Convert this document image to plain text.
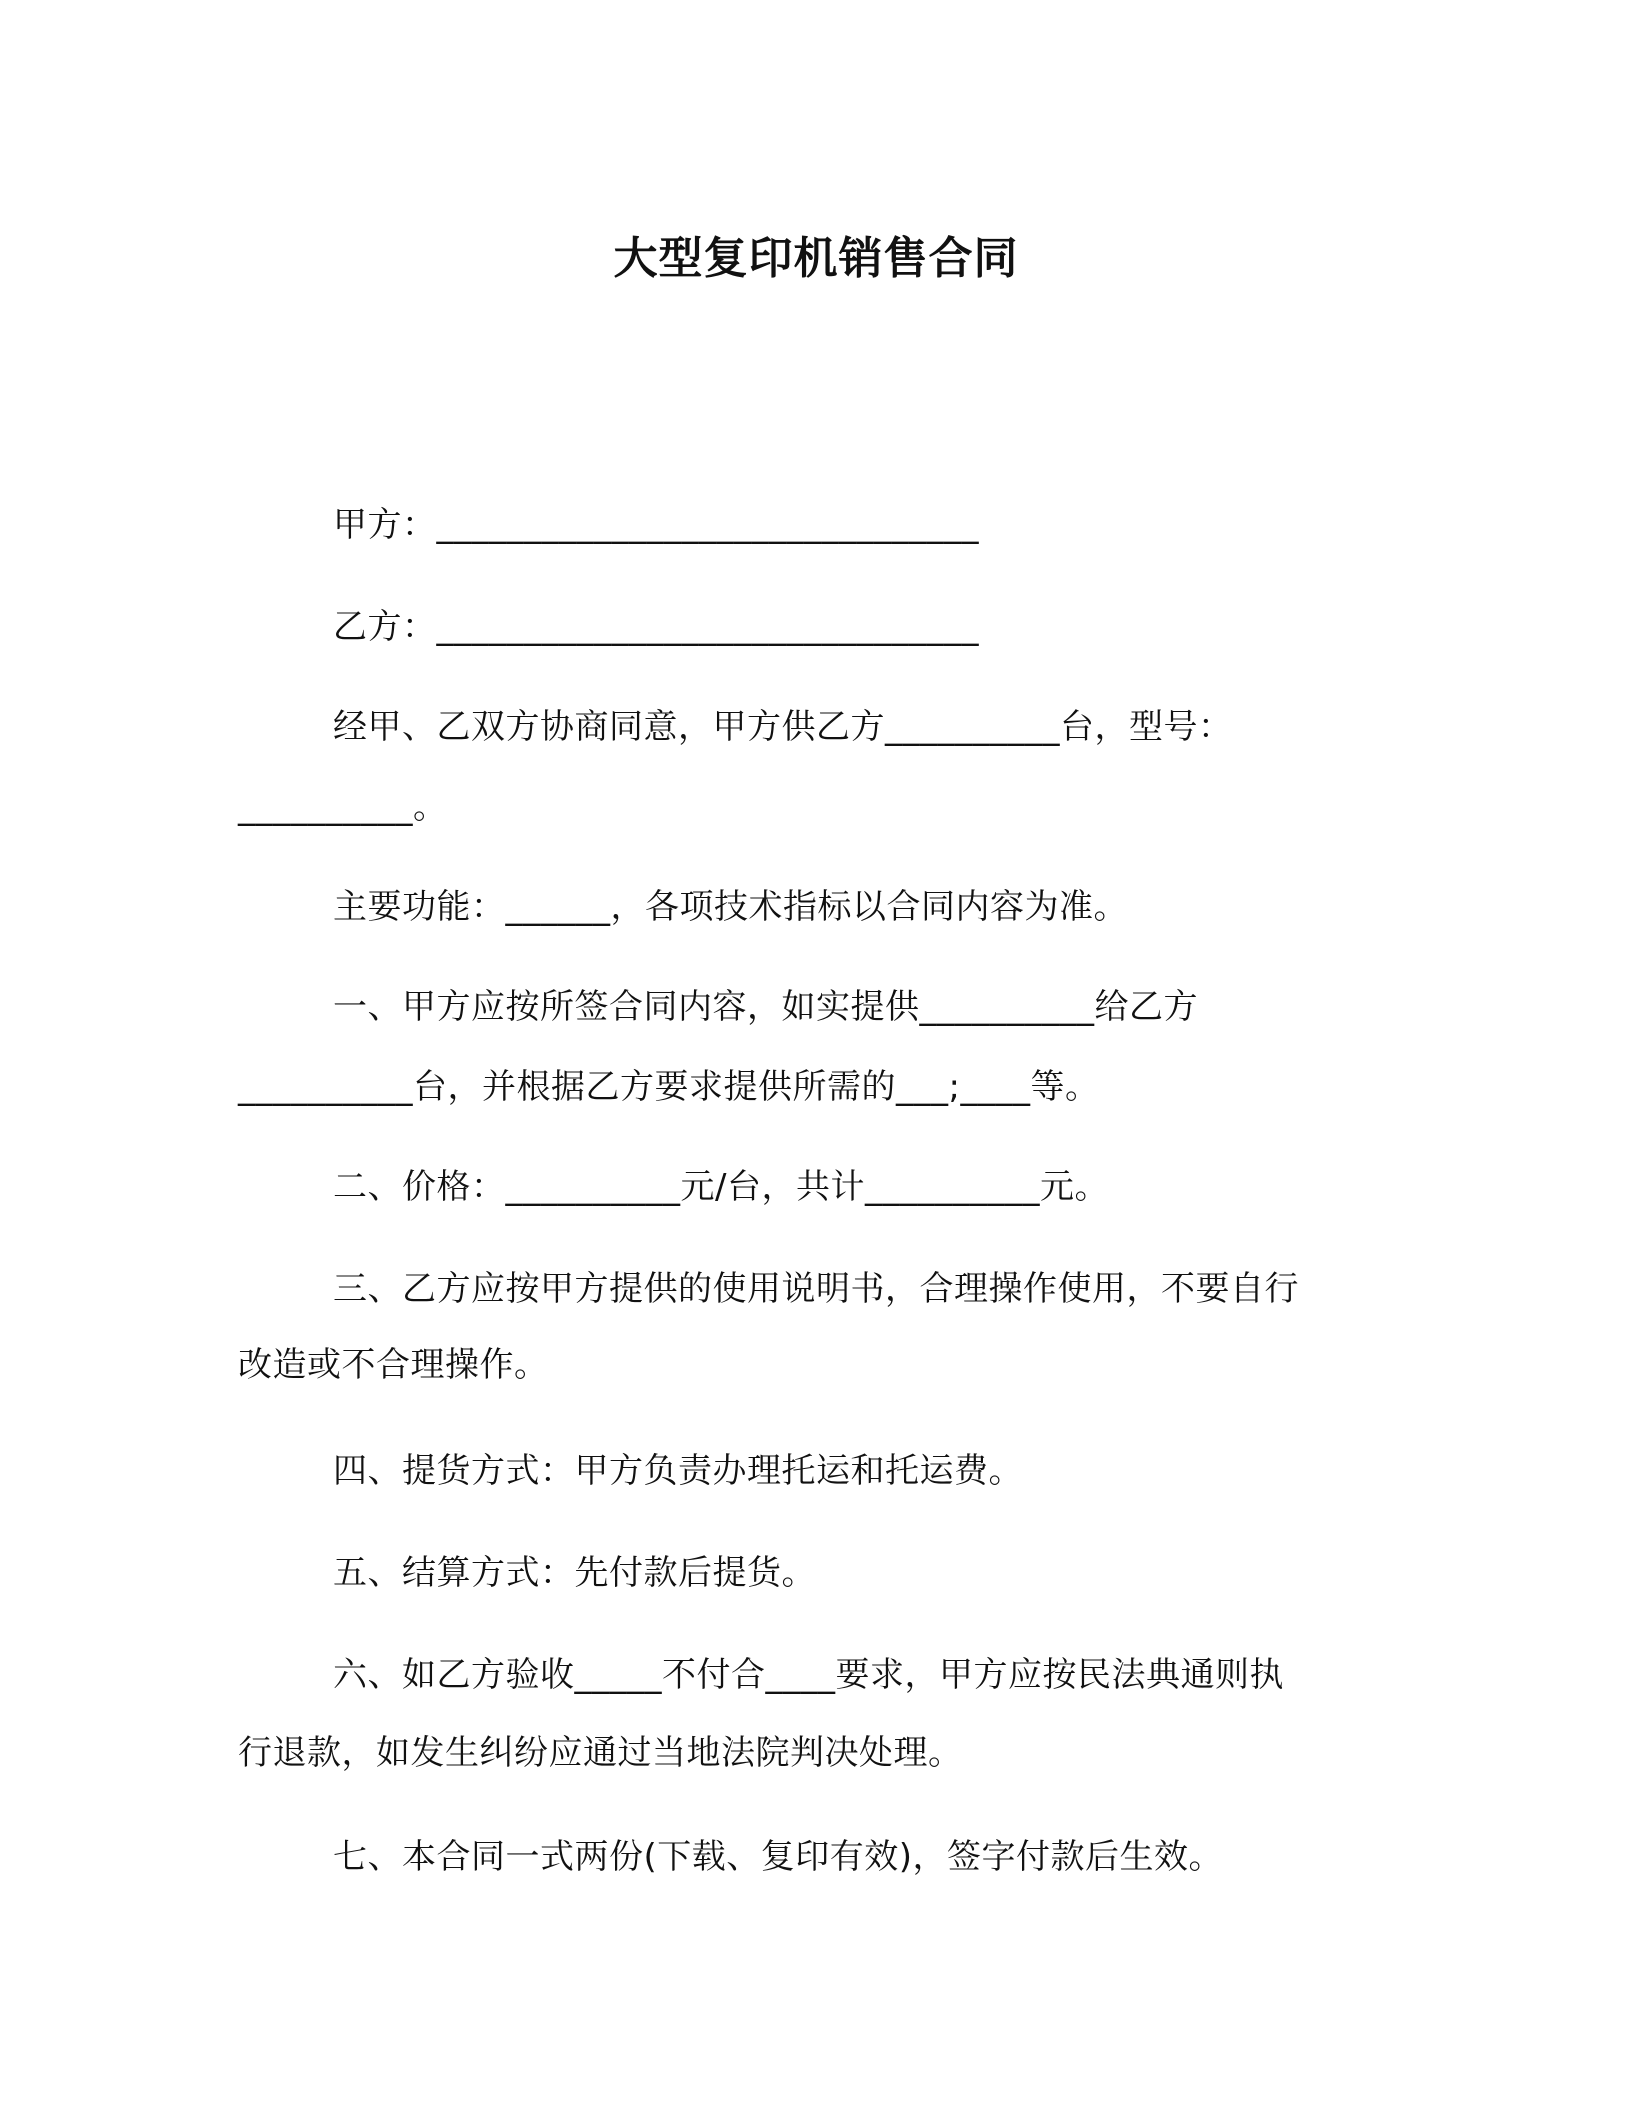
大型复印机销售合同
甲方：_______________________________
乙方：_______________________________
经甲、乙双方协商同意，甲方供乙方__________台，型号：
__________。
主要功能：______，各项技术指标以合同内容为准。
一、甲方应按所签合同内容，如实提供__________给乙方
__________台，并根据乙方要求提供所需的___;____等。
二、价格：__________元/台，共计__________元。
三、乙方应按甲方提供的使用说明书，合理操作使用，不要自行
改造或不合理操作。
四、提货方式：甲方负责办理托运和托运费。
五、结算方式：先付款后提货。
六、如乙方验收_____不付合____要求，甲方应按民法典通则执
行退款，如发生纠纷应通过当地法院判决处理。
七、本合同一式两份(下载、复印有效)，签字付款后生效。
